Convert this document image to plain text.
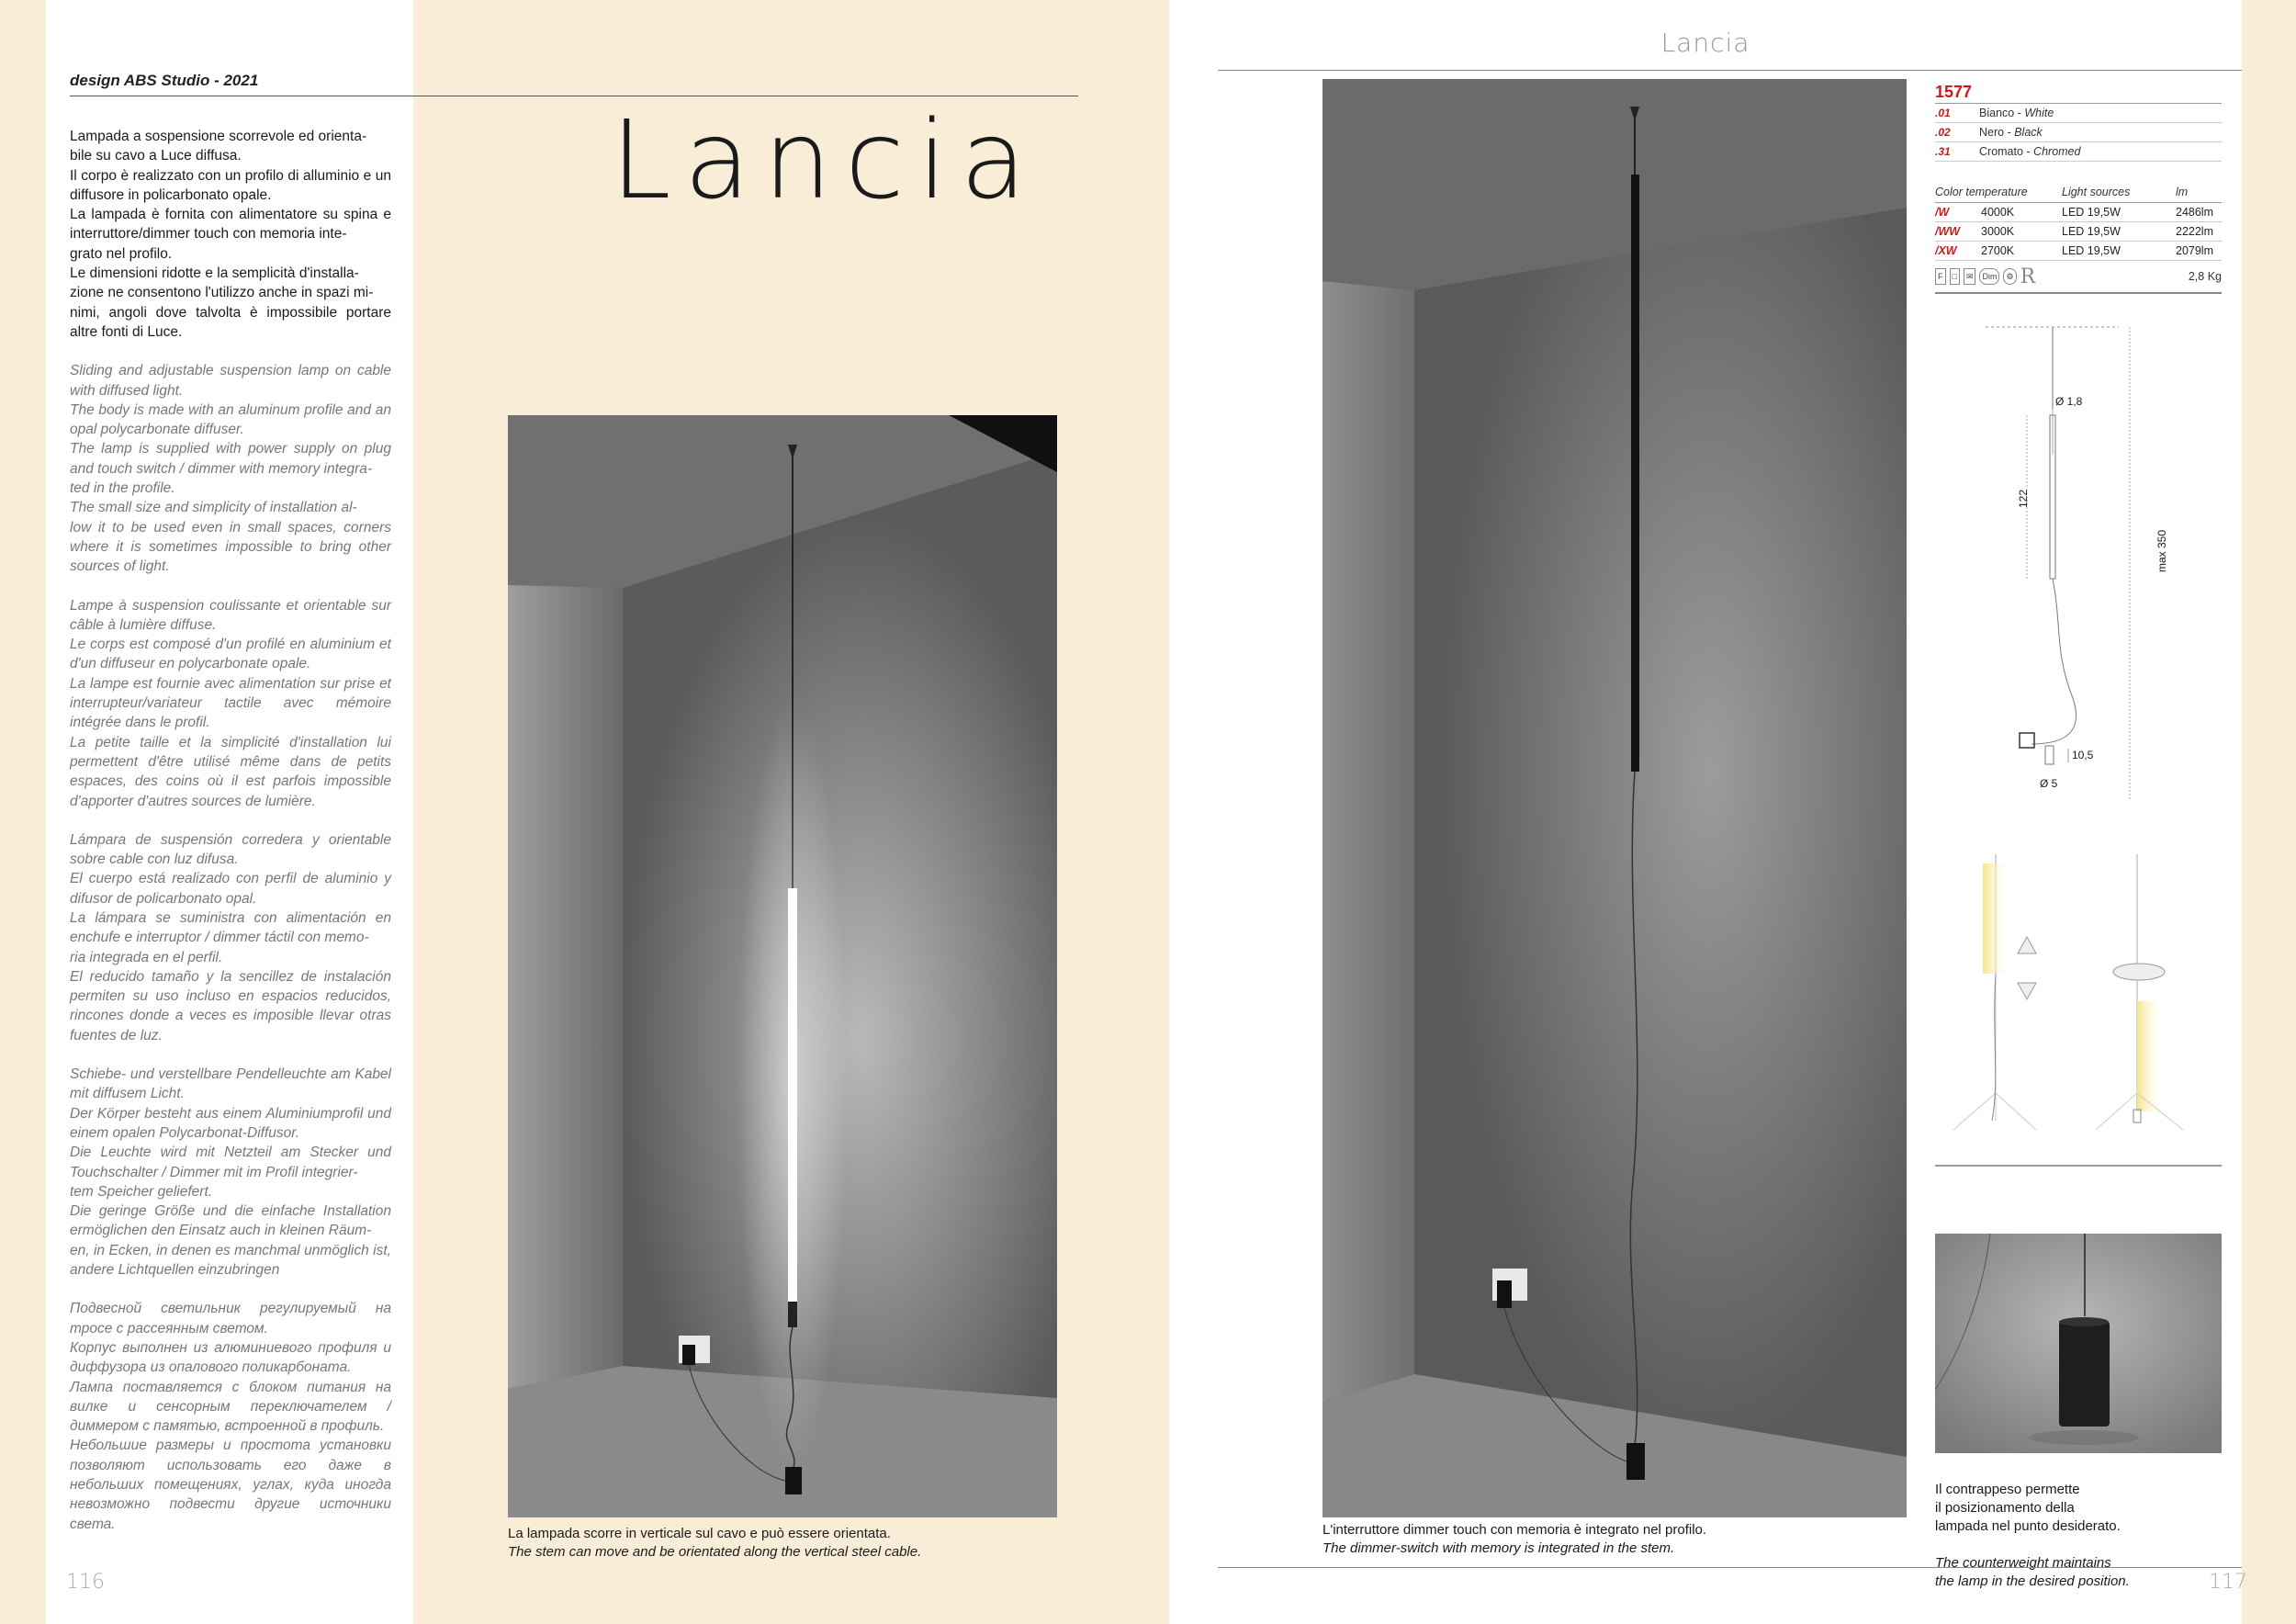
design ABS Studio - 2021
Lancia

Lampada a sospensione scorrevole ed orienta-
bile su cavo a Luce diffusa.
Il corpo è realizzato con un profilo di alluminio e un diffusore in policarbonato opale.
La lampada è fornita con alimentatore su spina e interruttore/dimmer touch con memoria inte-
grato nel profilo.
Le dimensioni ridotte e la semplicità d'installa-
zione ne consentono l'utilizzo anche in spazi mi-
nimi, angoli dove talvolta è impossibile portare altre fonti di Luce.

Sliding and adjustable suspension lamp on cable with diffused light.
The body is made with an aluminum profile and an opal polycarbonate diffuser.
The lamp is supplied with power supply on plug and touch switch / dimmer with memory integra-
ted in the profile.
The small size and simplicity of installation al-
low it to be used even in small spaces, corners where it is sometimes impossible to bring other sources of light.

Lampe à suspension coulissante et orientable sur câble à lumière diffuse.
Le corps est composé d'un profilé en aluminium et d'un diffuseur en polycarbonate opale.
La lampe est fournie avec alimentation sur prise et interrupteur/variateur tactile avec mémoire intégrée dans le profil.
La petite taille et la simplicité d'installation lui permettent d'être utilisé même dans de petits espaces, des coins où il est parfois impossible d'apporter d'autres sources de lumière.

Lámpara de suspensión corredera y orientable sobre cable con luz difusa.
El cuerpo está realizado con perfil de aluminio y difusor de policarbonato opal.
La lámpara se suministra con alimentación en enchufe e interruptor / dimmer táctil con memo-
ria integrada en el perfil.
El reducido tamaño y la sencillez de instalación permiten su uso incluso en espacios reducidos, rincones donde a veces es imposible llevar otras fuentes de luz.

Schiebe- und verstellbare Pendelleuchte am Kabel mit diffusem Licht.
Der Körper besteht aus einem Aluminiumprofil und einem opalen Polycarbonat-Diffusor.
Die Leuchte wird mit Netzteil am Stecker und Touchschalter / Dimmer mit im Profil integrier-
tem Speicher geliefert.
Die geringe Größe und die einfache Installation ermöglichen den Einsatz auch in kleinen Räum-
en, in Ecken, in denen es manchmal unmöglich ist, andere Lichtquellen einzubringen

Подвесной светильник регулируемый на тросе с рассеянным светом.
Корпус выполнен из алюминиевого профиля и диффузора из опалового поликарбоната.
Лампа поставляется с блоком питания на вилке и сенсорным переключателем / диммером с памятью, встроенной в профиль.
Небольшие размеры и простота установки позволяют использовать его даже в небольших помещениях, углах, куда иногда невозможно подвести другие источники света.

La lampada scorre in verticale sul cavo e può essere orientata.
The stem can move and be orientated along the vertical steel cable.
116
Lancia
L'interruttore dimmer touch con memoria è integrato nel profilo.
The dimmer-switch with memory is integrated in the stem.
1577
.01	Bianco - White
.02	Nero - Black
.31	Cromato - Chromed
Color temperature	Light sources	lm
/W	4000K	LED 19,5W	2486lm
/WW	3000K	LED 19,5W	2222lm
/XW	2700K	LED 19,5W	2079lm
F	□	✉	Dim	⚙ R	2,8 Kg
Ø 1,8
122
max 350
10,5
Ø 5

Il contrappeso permette
il posizionamento della
lampada nel punto desiderato.

The counterweight maintains
the lamp in the desired position.	117
